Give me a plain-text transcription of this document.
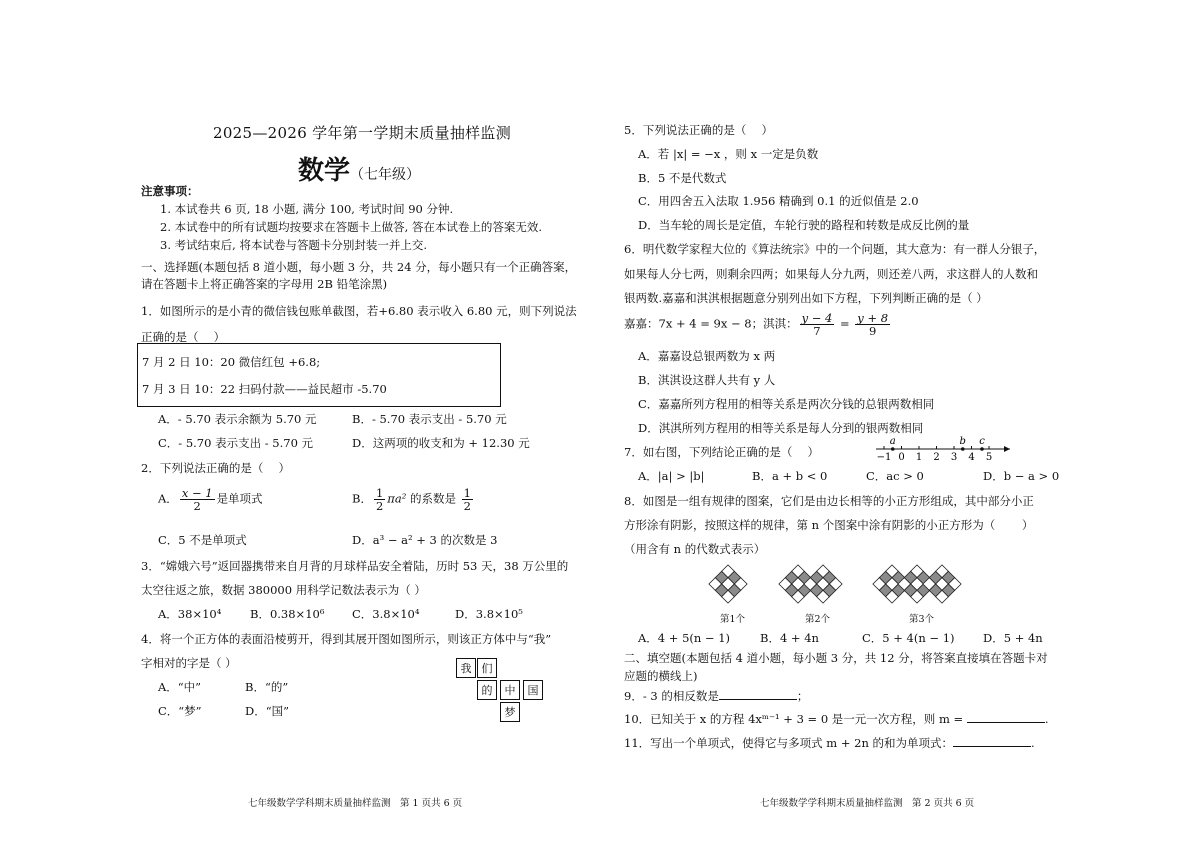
2025—2026 学年第一学期末质量抽样监测
数学（七年级）
注意事项：
1. 本试卷共 6 页, 18 小题, 满分 100, 考试时间 90 分钟.
2. 本试卷中的所有试题均按要求在答题卡上做答, 答在本试卷上的答案无效.
3. 考试结束后, 将本试卷与答题卡分别封装一并上交.
一、选择题(本题包括 8 道小题，每小题 3 分，共 24 分，每小题只有一个正确答案，
请在答题卡上将正确答案的字母用 2B 铅笔涂黑)
1．如图所示的是小青的微信钱包账单截图，若+6.80 表示收入 6.80 元，则下列说法
正确的是（　 ）
7 月 2 日 10：20 微信红包 +6.8;
7 月 3 日 10：22 扫码付款——益民超市 -5.70
A．- 5.70 表示余额为 5.70 元	B．- 5.70 表示支出 - 5.70 元
C．- 5.70 表示支出 - 5.70 元	D．这两项的收支和为 + 12.30 元
2．下列说法正确的是（　 ）
A． $\frac{x - 1}{2}$ 是单项式	B． $\frac{1}{2} \pi a^2$ 的系数是 $\frac{1}{2}$
C．5 不是单项式	D．a³ − a² + 3 的次数是 3
3．“嫦娥六号”返回器携带来自月背的月球样品安全着陆，历时 53 天，38 万公里的
太空往返之旅，数据 380000 用科学记数法表示为（ ）
A．38×10⁴ B．0.38×10⁶ C．3.8×10⁴	D．3.8×10⁵
4．将一个正方体的表面沿棱剪开，得到其展开图如图所示，则该正方体中与“我”
字相对的字是（ ）
A．“中”	B．“的”
C．“梦”	D．“国”
我 们
的	中	国
梦
七年级数学学科期末质量抽样监测　第 1 页共 6 页
5．下列说法正确的是（　 ）
A．若 |x| = −x ，则 x 一定是负数
B．5 不是代数式
C．用四舍五入法取 1.956 精确到 0.1 的近似值是 2.0
D．当车轮的周长是定值，车轮行驶的路程和转数是成反比例的量
6．明代数学家程大位的《算法统宗》中的一个问题，其大意为：有一群人分银子，
如果每人分七两，则剩余四两；如果每人分九两，则还差八两，求这群人的人数和
银两数.嘉嘉和淇淇根据题意分别列出如下方程，下列判断正确的是（ ）
嘉嘉：7x + 4 = 9x − 8；淇淇： $\frac{y - 4}{7} = \frac{y + 8}{9}$
A．嘉嘉设总银两数为 x 两
B．淇淇设这群人共有 y 人
C．嘉嘉所列方程用的相等关系是两次分钱的总银两数相同
D．淇淇所列方程用的相等关系是每人分到的银两数相同
7．如右图，下列结论正确的是（　 ）	−1 0 1 2 3 4 5
a	b c
A．|a| > |b|	B．a + b < 0	C．ac > 0	D．b − a > 0
8．如图是一组有规律的图案，它们是由边长相等的小正方形组成，其中部分小正
方形涂有阴影，按照这样的规律，第 n 个图案中涂有阴影的小正方形为（　　 ）
（用含有 n 的代数式表示）
第1个	第2个	第3个
A．4 + 5(n − 1)	B．4 + 4n	C．5 + 4(n − 1) D．5 + 4n
二、填空题(本题包括 4 道小题，每小题 3 分，共 12 分，将答案直接填在答题卡对
应题的横线上)
9．- 3 的相反数是	；
10．已知关于 x 的方程 4xᵐ⁻¹ + 3 = 0 是一元一次方程，则 m =	.
11．写出一个单项式，使得它与多项式 m + 2n 的和为单项式：	.
七年级数学学科期末质量抽样监测　第 2 页共 6 页
